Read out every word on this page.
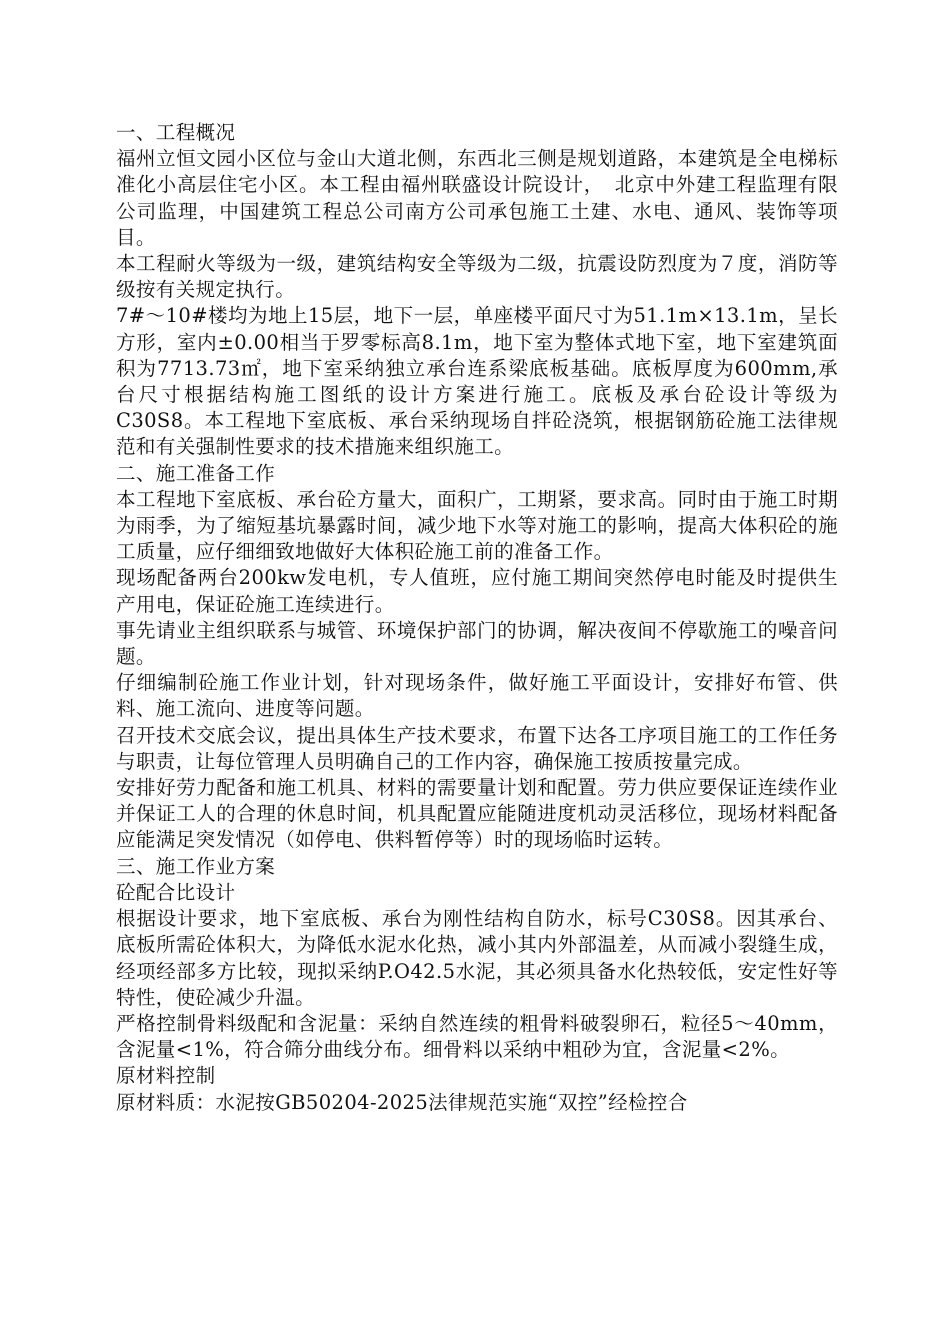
一、工程概况

福州立恒文园小区位与金山大道北侧，东西北三侧是规划道路，本建筑是全电梯标准化小高层住宅小区。本工程由福州联盛设计院设计，　北京中外建工程监理有限公司监理，中国建筑工程总公司南方公司承包施工土建、水电、通风、装饰等项目。

本工程耐火等级为一级，建筑结构安全等级为二级，抗震设防烈度为７度，消防等级按有关规定执行。

7#～10#楼均为地上15层，地下一层，单座楼平面尺寸为51.1m×13.1m，呈长方形，室内±0.00相当于罗零标高8.1m，地下室为整体式地下室，地下室建筑面积为7713.73㎡，地下室采纳独立承台连系梁底板基础。底板厚度为600mm,承台尺寸根据结构施工图纸的设计方案进行施工。底板及承台砼设计等级为C30S8。本工程地下室底板、承台采纳现场自拌砼浇筑，根据钢筋砼施工法律规范和有关强制性要求的技术措施来组织施工。

二、施工准备工作

本工程地下室底板、承台砼方量大，面积广，工期紧，要求高。同时由于施工时期为雨季，为了缩短基坑暴露时间，减少地下水等对施工的影响，提高大体积砼的施工质量，应仔细细致地做好大体积砼施工前的准备工作。

现场配备两台200kw发电机，专人值班，应付施工期间突然停电时能及时提供生产用电，保证砼施工连续进行。

事先请业主组织联系与城管、环境保护部门的协调，解决夜间不停歇施工的噪音问题。

仔细编制砼施工作业计划，针对现场条件，做好施工平面设计，安排好布管、供料、施工流向、进度等问题。

召开技术交底会议，提出具体生产技术要求，布置下达各工序项目施工的工作任务与职责，让每位管理人员明确自己的工作内容，确保施工按质按量完成。

安排好劳力配备和施工机具、材料的需要量计划和配置。劳力供应要保证连续作业并保证工人的合理的休息时间，机具配置应能随进度机动灵活移位，现场材料配备应能满足突发情况（如停电、供料暂停等）时的现场临时运转。

三、施工作业方案

砼配合比设计

根据设计要求，地下室底板、承台为刚性结构自防水，标号C30S8。因其承台、底板所需砼体积大，为降低水泥水化热，减小其内外部温差，从而减小裂缝生成，经项经部多方比较，现拟采纳P.O42.5水泥，其必须具备水化热较低，安定性好等特性，使砼减少升温。

严格控制骨料级配和含泥量：采纳自然连续的粗骨料破裂卵石，粒径5～40mm，含泥量<1%，符合筛分曲线分布。细骨料以采纳中粗砂为宜，含泥量<2%。

原材料控制

原材料质：水泥按GB50204-2025法律规范实施“双控”经检控合
